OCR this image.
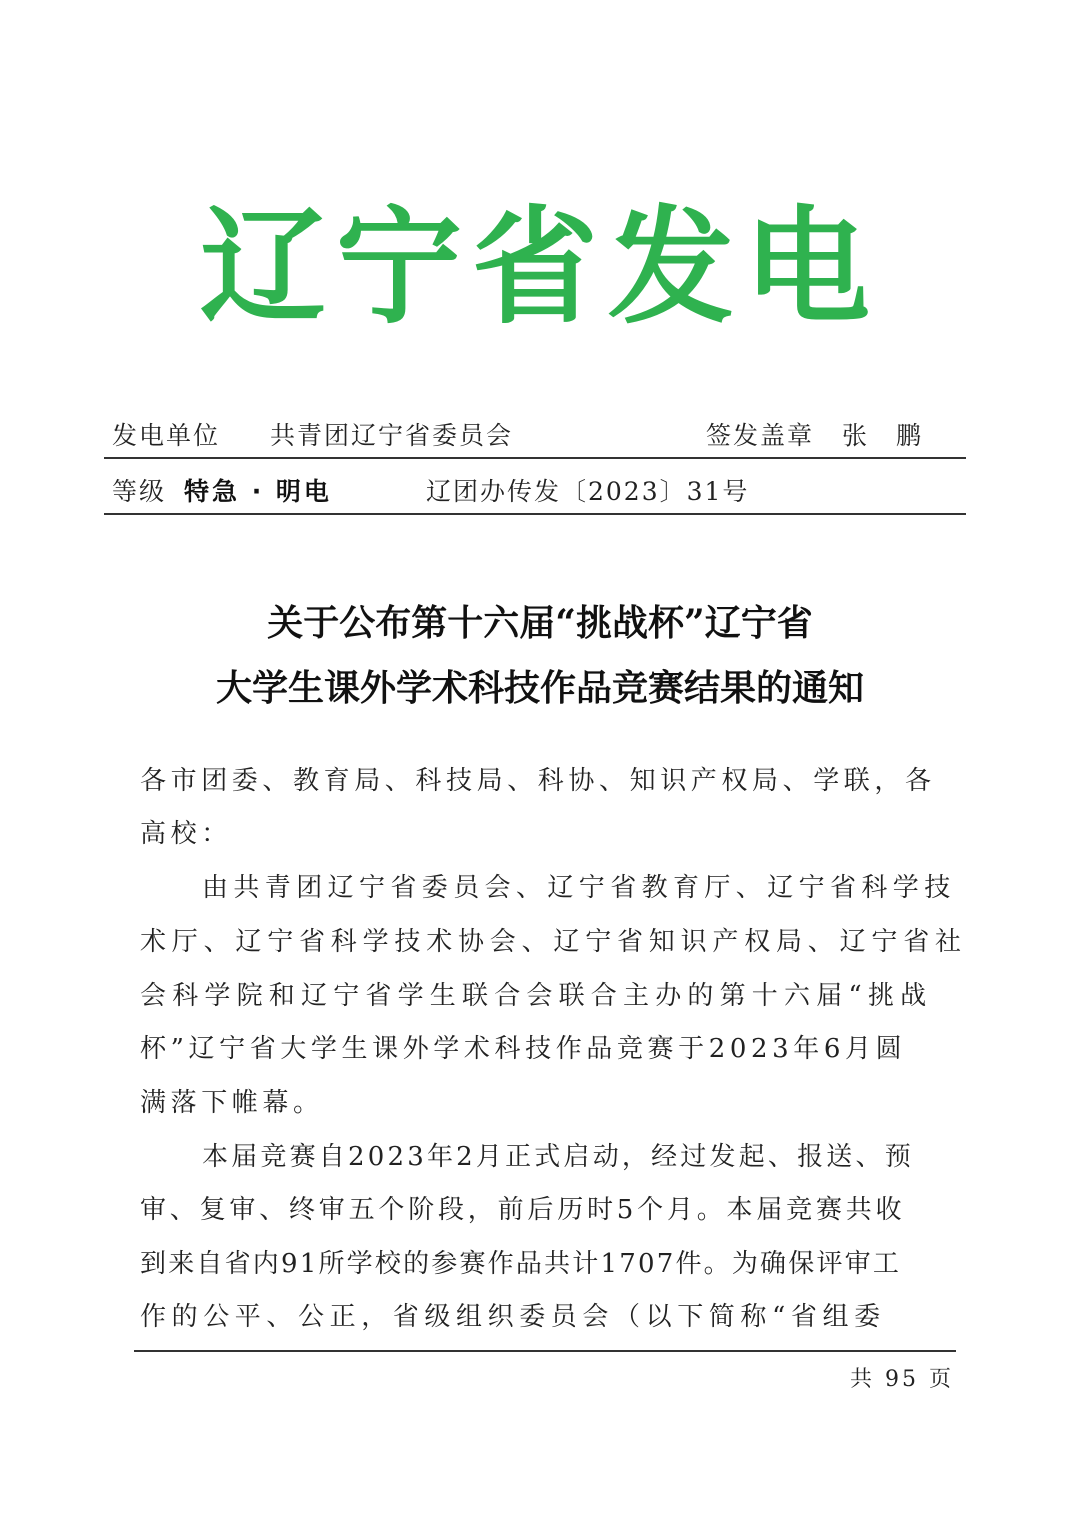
辽宁省发电
发电单位 共青团辽宁省委员会	签发盖章 张　鹏
等级 特急 · 明电	辽团办传发〔2023〕31号
关于公布第十六届“挑战杯”辽宁省
大学生课外学术科技作品竞赛结果的通知
各市团委、教育局、科技局、科协、知识产权局、学联，各
高校：
由共青团辽宁省委员会、辽宁省教育厅、辽宁省科学技
术厅、辽宁省科学技术协会、辽宁省知识产权局、辽宁省社
会科学院和辽宁省学生联合会联合主办的第十六届“挑战
杯”辽宁省大学生课外学术科技作品竞赛于2023年6月圆
满落下帷幕。
本届竞赛自2023年2月正式启动，经过发起、报送、预
审、复审、终审五个阶段，前后历时5个月。本届竞赛共收
到来自省内91所学校的参赛作品共计1707件。为确保评审工
作的公平、公正，省级组织委员会（以下简称“省组委
共 95 页
